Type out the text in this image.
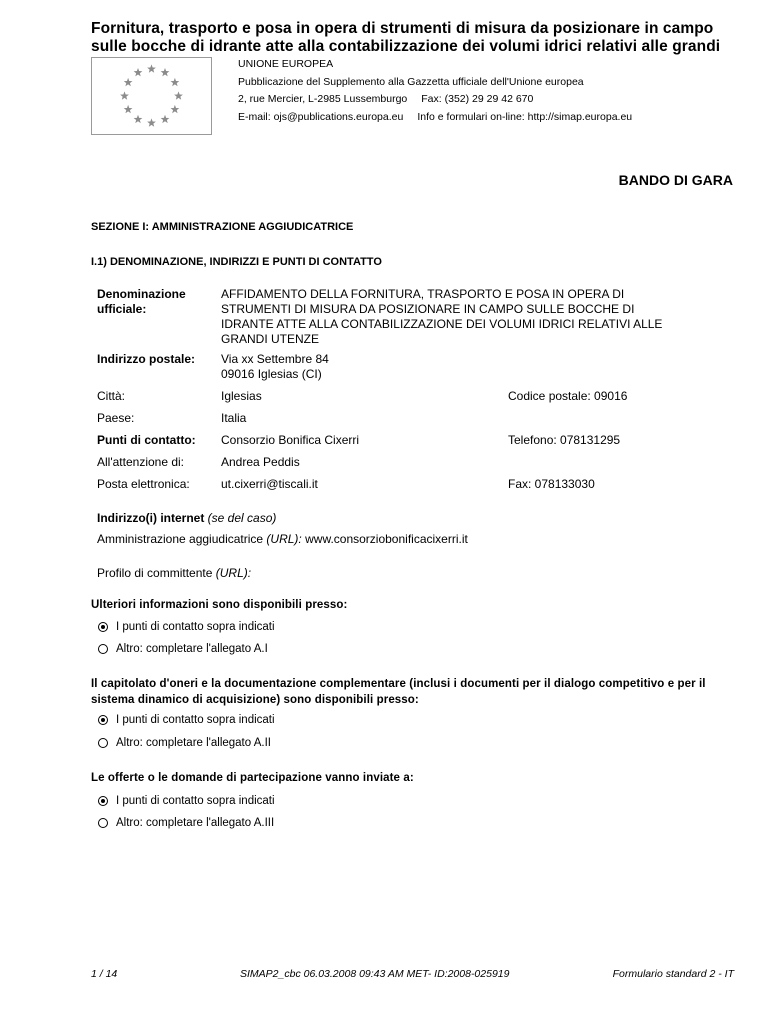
Fornitura, trasporto e posa in opera di strumenti di misura da posizionare in campo sulle bocche di idrante atte alla contabilizzazione dei volumi idrici relativi alle grandi
UNIONE EUROPEA
Pubblicazione del Supplemento alla Gazzetta ufficiale dell'Unione europea
2, rue Mercier, L-2985 Lussemburgo Fax: (352) 29 29 42 670
E-mail: ojs@publications.europa.eu Info e formulari on-line: http://simap.europa.eu
BANDO DI GARA
SEZIONE I: AMMINISTRAZIONE AGGIUDICATRICE
I.1) DENOMINAZIONE, INDIRIZZI E PUNTI DI CONTATTO
Denominazione
ufficiale:
AFFIDAMENTO DELLA FORNITURA, TRASPORTO E POSA IN OPERA DI
STRUMENTI DI MISURA DA POSIZIONARE IN CAMPO SULLE BOCCHE DI
IDRANTE ATTE ALLA CONTABILIZZAZIONE DEI VOLUMI IDRICI RELATIVI ALLE
GRANDI UTENZE
Indirizzo postale: Via xx Settembre 84
09016 Iglesias (CI)
Città:	Iglesias	Codice postale: 09016
Paese:	Italia
Punti di contatto: Consorzio Bonifica Cixerri	Telefono: 078131295
All'attenzione di:	Andrea Peddis
Posta elettronica:	ut.cixerri@tiscali.it	Fax: 078133030
Indirizzo(i) internet (se del caso)
Amministrazione aggiudicatrice (URL): www.consorziobonificacixerri.it
Profilo di committente (URL):
Ulteriori informazioni sono disponibili presso:
I punti di contatto sopra indicati
Altro: completare l'allegato A.I
Il capitolato d'oneri e la documentazione complementare (inclusi i documenti per il dialogo competitivo e per il sistema dinamico di acquisizione) sono disponibili presso:
I punti di contatto sopra indicati
Altro: completare l'allegato A.II
Le offerte o le domande di partecipazione vanno inviate a:
I punti di contatto sopra indicati
Altro: completare l'allegato A.III
1 / 14	SIMAP2_cbc 06.03.2008 09:43 AM MET- ID:2008-025919	Formulario standard 2 - IT
